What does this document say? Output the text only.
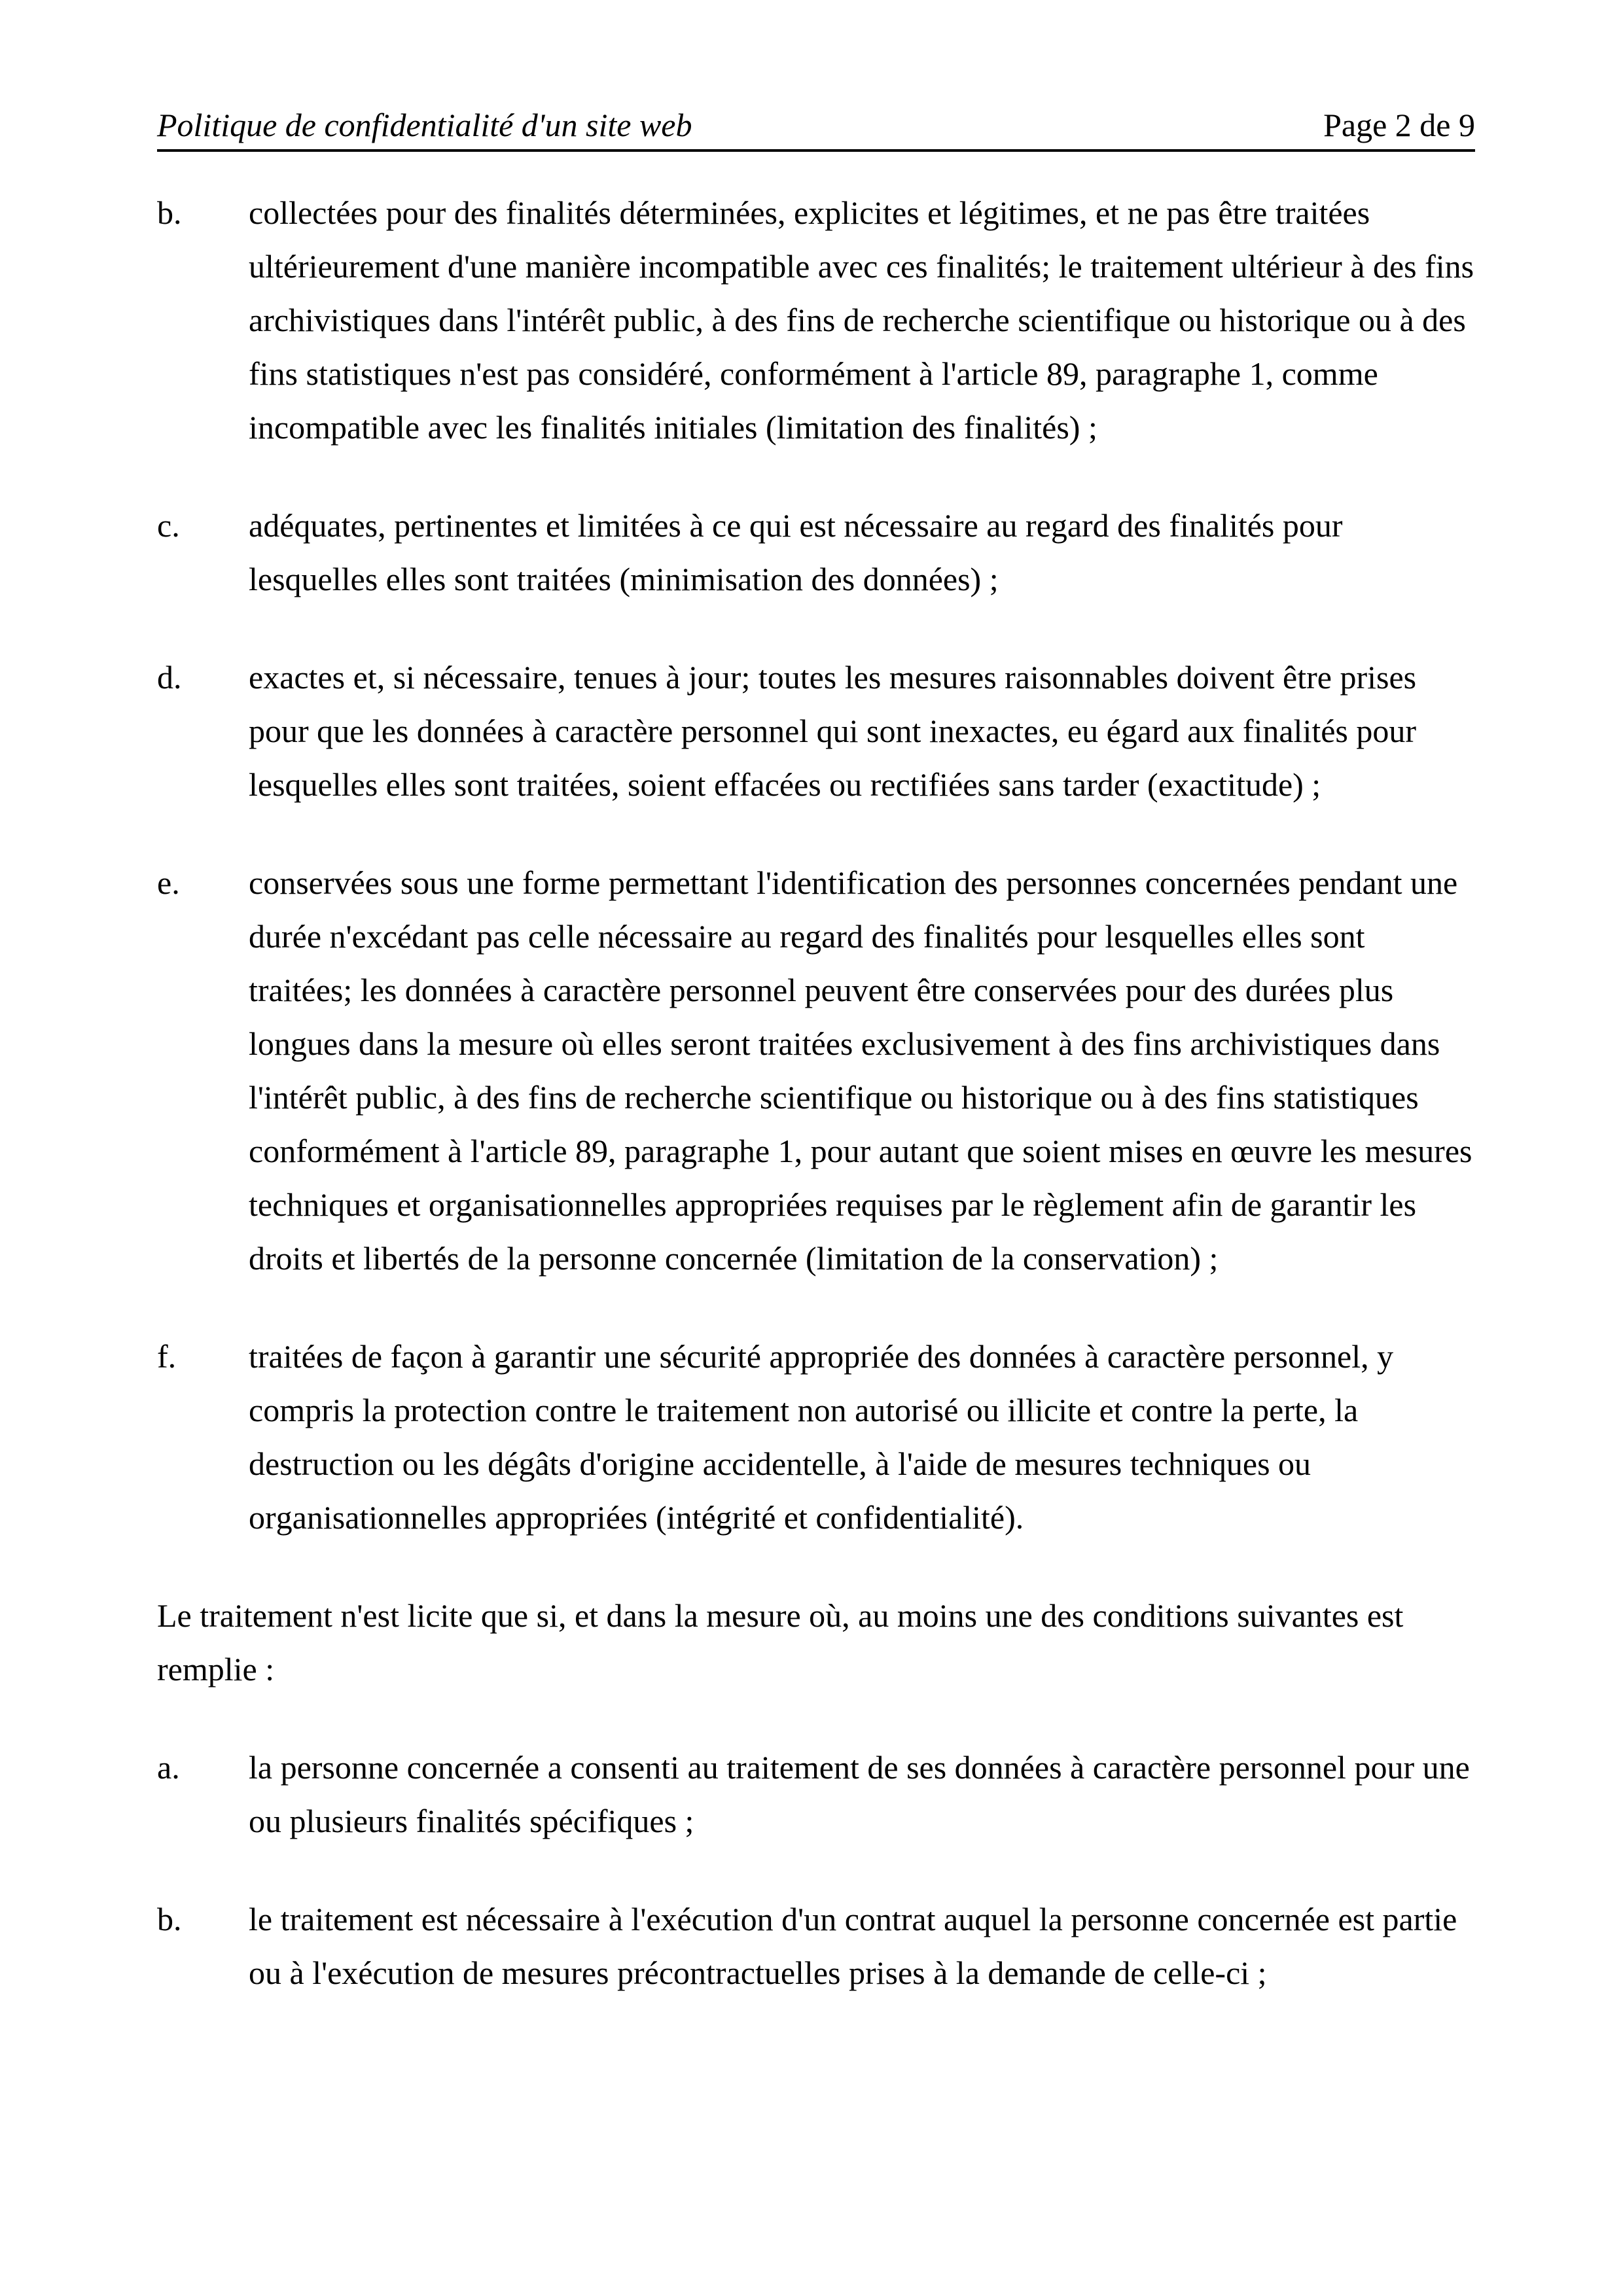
Politique de confidentialité d'un site web	Page 2 de 9
b.	collectées pour des finalités déterminées, explicites et légitimes, et ne pas être traitées ultérieurement d'une manière incompatible avec ces finalités; le traitement ultérieur à des fins archivistiques dans l'intérêt public, à des fins de recherche scientifique ou historique ou à des fins statistiques n'est pas considéré, conformément à l'article 89, paragraphe 1, comme incompatible avec les finalités initiales (limitation des finalités) ;
c.	adéquates, pertinentes et limitées à ce qui est nécessaire au regard des finalités pour lesquelles elles sont traitées (minimisation des données) ;
d.	exactes et, si nécessaire, tenues à jour; toutes les mesures raisonnables doivent être prises pour que les données à caractère personnel qui sont inexactes, eu égard aux finalités pour lesquelles elles sont traitées, soient effacées ou rectifiées sans tarder (exactitude) ;
e.	conservées sous une forme permettant l'identification des personnes concernées pendant une durée n'excédant pas celle nécessaire au regard des finalités pour lesquelles elles sont traitées; les données à caractère personnel peuvent être conservées pour des durées plus longues dans la mesure où elles seront traitées exclusivement à des fins archivistiques dans l'intérêt public, à des fins de recherche scientifique ou historique ou à des fins statistiques conformément à l'article 89, paragraphe 1, pour autant que soient mises en œuvre les mesures techniques et organisationnelles appropriées requises par le règlement afin de garantir les droits et libertés de la personne concernée (limitation de la conservation) ;
f.	traitées de façon à garantir une sécurité appropriée des données à caractère personnel, y compris la protection contre le traitement non autorisé ou illicite et contre la perte, la destruction ou les dégâts d'origine accidentelle, à l'aide de mesures techniques ou organisationnelles appropriées (intégrité et confidentialité).
Le traitement n'est licite que si, et dans la mesure où, au moins une des conditions suivantes est remplie :
a.	la personne concernée a consenti au traitement de ses données à caractère personnel pour une ou plusieurs finalités spécifiques ;
b.	le traitement est nécessaire à l'exécution d'un contrat auquel la personne concernée est partie ou à l'exécution de mesures précontractuelles prises à la demande de celle-ci ;
